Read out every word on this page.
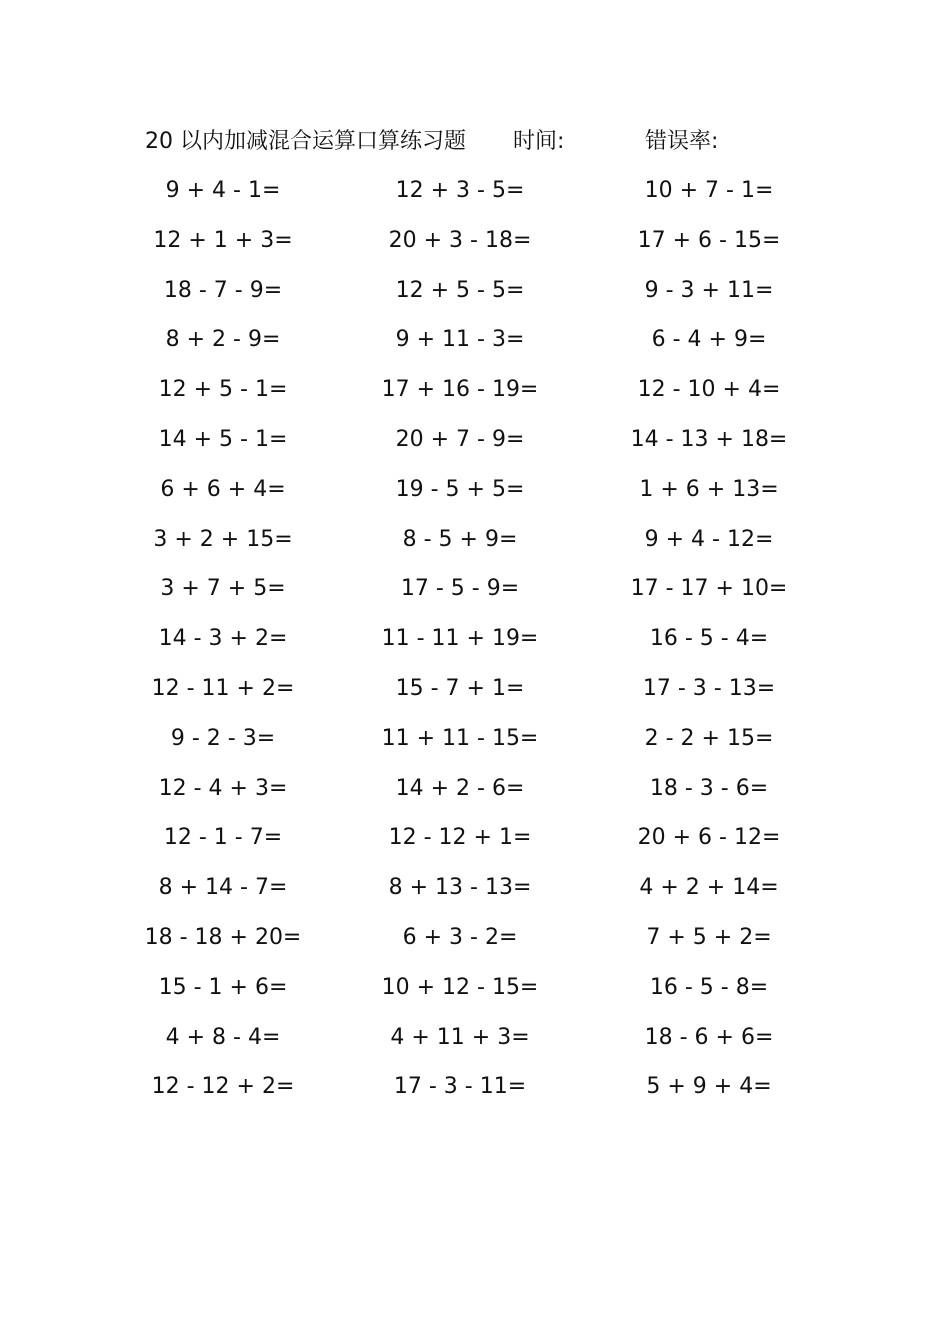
20 以内加减混合运算口算练习题 时间:	错误率:
9 + 4 - 1=	12 + 3 - 5=	10 + 7 - 1=
12 + 1 + 3=	20 + 3 - 18=	17 + 6 - 15=
18 - 7 - 9=	12 + 5 - 5=	9 - 3 + 11=
8 + 2 - 9=	9 + 11 - 3=	6 - 4 + 9=
12 + 5 - 1=	17 + 16 - 19=	12 - 10 + 4=
14 + 5 - 1=	20 + 7 - 9=	14 - 13 + 18=
6 + 6 + 4=	19 - 5 + 5=	1 + 6 + 13=
3 + 2 + 15=	8 - 5 + 9=	9 + 4 - 12=
3 + 7 + 5=	17 - 5 - 9=	17 - 17 + 10=
14 - 3 + 2=	11 - 11 + 19=	16 - 5 - 4=
12 - 11 + 2=	15 - 7 + 1=	17 - 3 - 13=
9 - 2 - 3=	11 + 11 - 15=	2 - 2 + 15=
12 - 4 + 3=	14 + 2 - 6=	18 - 3 - 6=
12 - 1 - 7=	12 - 12 + 1=	20 + 6 - 12=
8 + 14 - 7=	8 + 13 - 13=	4 + 2 + 14=
18 - 18 + 20=	6 + 3 - 2=	7 + 5 + 2=
15 - 1 + 6=	10 + 12 - 15=	16 - 5 - 8=
4 + 8 - 4=	4 + 11 + 3=	18 - 6 + 6=
12 - 12 + 2=	17 - 3 - 11=	5 + 9 + 4=
